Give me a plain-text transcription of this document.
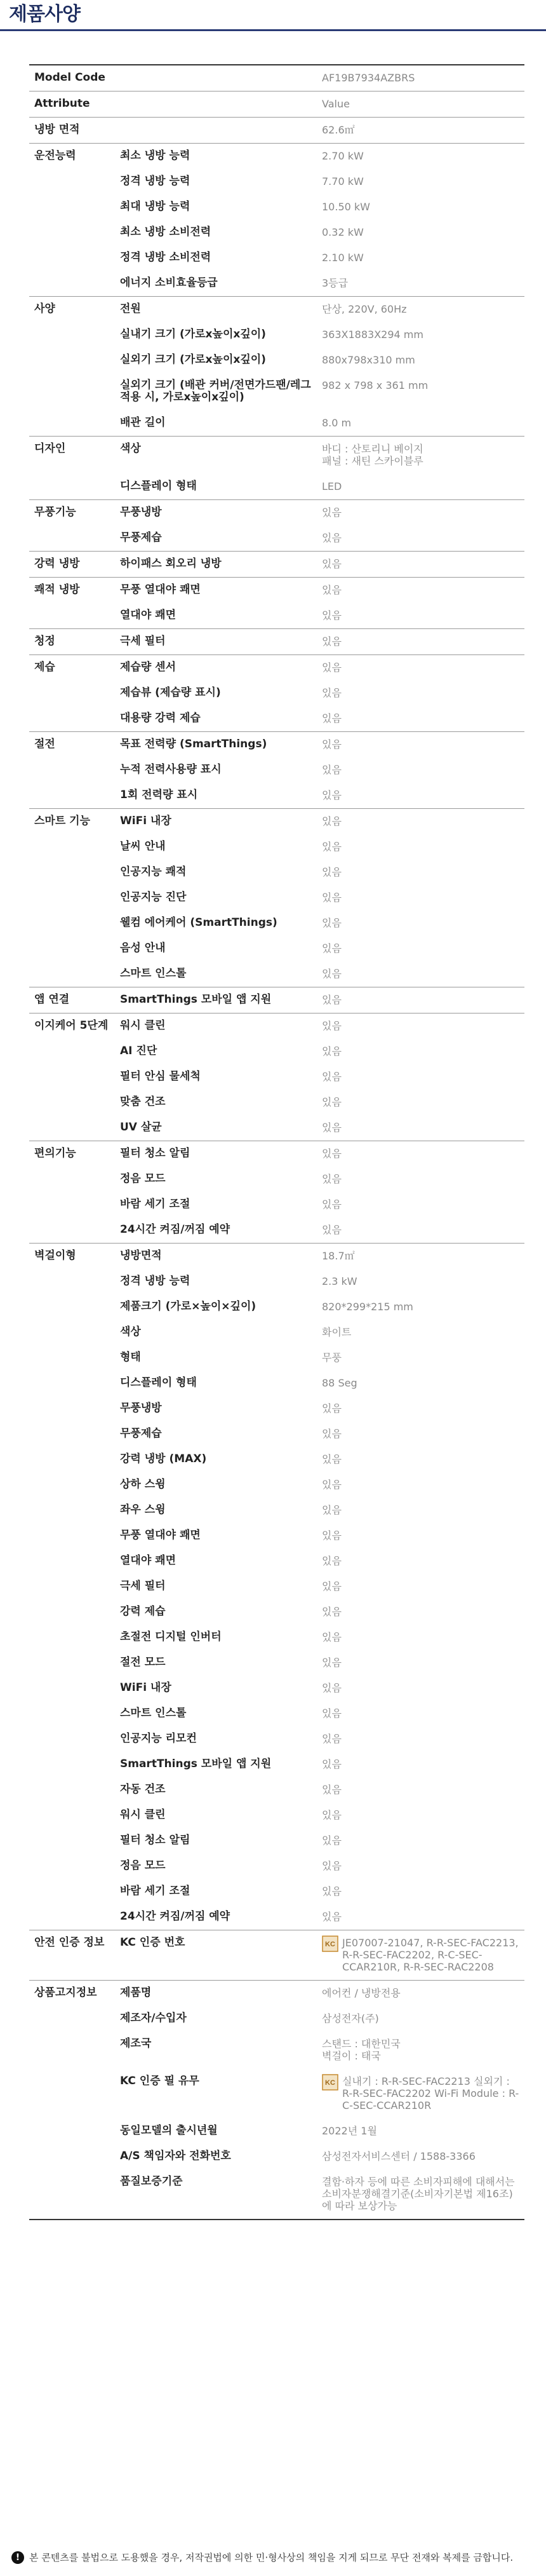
제품사양
Model Code		AF19B7934AZBRS
Attribute		Value
냉방 면적		62.6㎡
운전능력	최소 냉방 능력	2.70 kW
	정격 냉방 능력	7.70 kW
	최대 냉방 능력	10.50 kW
	최소 냉방 소비전력	0.32 kW
	정격 냉방 소비전력	2.10 kW
	에너지 소비효율등급	3등급
사양	전원	단상, 220V, 60Hz
	실내기 크기 (가로x높이x깊이)	363X1883X294 mm
	실외기 크기 (가로x높이x깊이)	880x798x310 mm
	실외기 크기 (배관 커버/전면가드팬/레그 적용 시, 가로x높이x깊이)	982 x 798 x 361 mm
	배관 길이	8.0 m
디자인	색상	바디 : 산토리니 베이지
패널 : 새틴 스카이블루
	디스플레이 형태	LED
무풍기능	무풍냉방	있음
	무풍제습	있음
강력 냉방	하이패스 회오리 냉방	있음
쾌적 냉방	무풍 열대야 쾌면	있음
	열대야 쾌면	있음
청정	극세 필터	있음
제습	제습량 센서	있음
	제습뷰 (제습량 표시)	있음
	대용량 강력 제습	있음
절전	목표 전력량 (SmartThings)	있음
	누적 전력사용량 표시	있음
	1회 전력량 표시	있음
스마트 기능	WiFi 내장	있음
	날씨 안내	있음
	인공지능 쾌적	있음
	인공지능 진단	있음
	웰컴 에어케어 (SmartThings)	있음
	음성 안내	있음
	스마트 인스톨	있음
앱 연결	SmartThings 모바일 앱 지원	있음
이지케어 5단계	워시 클린	있음
	AI 진단	있음
	필터 안심 물세척	있음
	맞춤 건조	있음
	UV 살균	있음
편의기능	필터 청소 알림	있음
	정음 모드	있음
	바람 세기 조절	있음
	24시간 켜짐/꺼짐 예약	있음
벽걸이형	냉방면적	18.7㎡
	정격 냉방 능력	2.3 kW
	제품크기 (가로×높이×깊이)	820*299*215 mm
	색상	화이트
	형태	무풍
	디스플레이 형태	88 Seg
	무풍냉방	있음
	무풍제습	있음
	강력 냉방 (MAX)	있음
	상하 스윙	있음
	좌우 스윙	있음
	무풍 열대야 쾌면	있음
	열대야 쾌면	있음
	극세 필터	있음
	강력 제습	있음
	초절전 디지털 인버터	있음
	절전 모드	있음
	WiFi 내장	있음
	스마트 인스톨	있음
	인공지능 리모컨	있음
	SmartThings 모바일 앱 지원	있음
	자동 건조	있음
	워시 클린	있음
	필터 청소 알림	있음
	정음 모드	있음
	바람 세기 조절	있음
	24시간 켜짐/꺼짐 예약	있음
안전 인증 정보	KC 인증 번호	KC JE07007-21047, R-R-SEC-FAC2213, R-R-SEC-FAC2202, R-C-SEC-CCAR210R, R-R-SEC-RAC2208

상품고지정보	제품명	에어컨 / 냉방전용
	제조자/수입자	삼성전자(주)
	제조국	스탠드 : 대한민국
벽걸이 : 태국
	KC 인증 필 유무	KC 실내기 : R-R-SEC-FAC2213 실외기 : R-R-SEC-FAC2202 Wi-Fi Module : R-C-SEC-CCAR210R

	동일모델의 출시년월	2022년 1월
	A/S 책임자와 전화번호	삼성전자서비스센터 / 1588-3366
	품질보증기준	결함·하자 등에 따른 소비자피해에 대해서는 소비자분쟁해결기준(소비자기본법 제16조)에 따라 보상가능
! 본 콘텐츠를 불법으로 도용했을 경우, 저작권법에 의한 민·형사상의 책임을 지게 되므로 무단 전재와 복제를 금합니다.
